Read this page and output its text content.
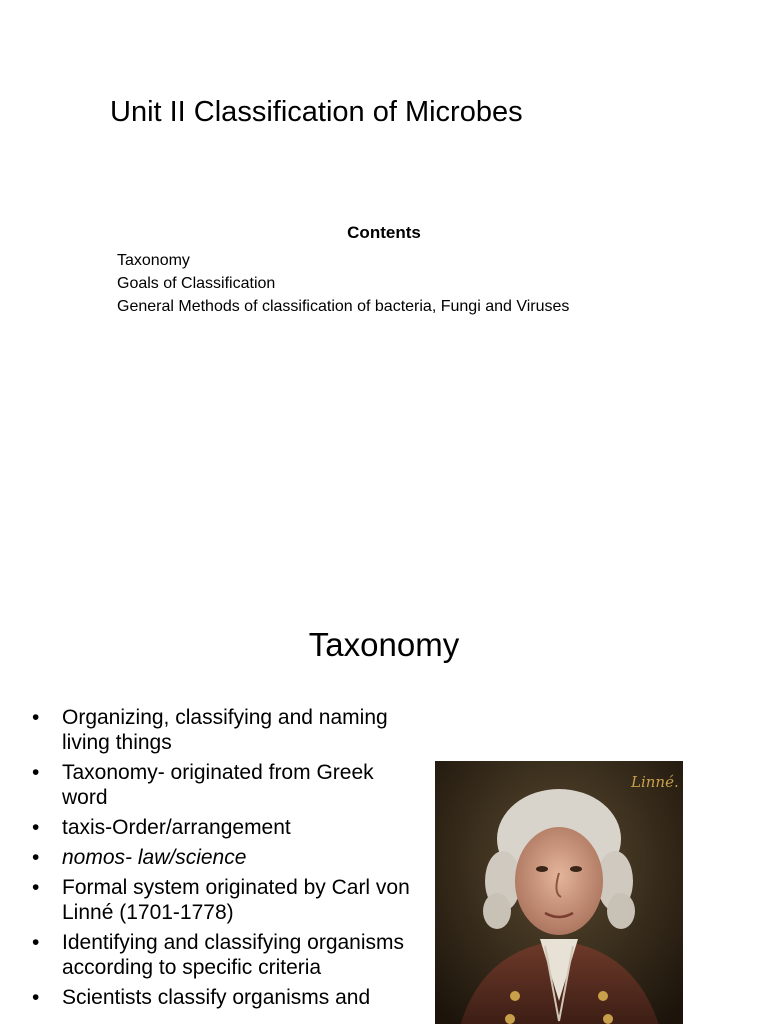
Unit II Classification of Microbes
Contents
Taxonomy
Goals of Classification
General Methods of classification of bacteria, Fungi and Viruses
Taxonomy
• Organizing, classifying and naming living things
• Taxonomy- originated from Greek word
• taxis-Order/arrangement
• nomos- law/science
• Formal system originated by Carl von Linné (1701-1778)
• Identifying and classifying organisms according to specific criteria
• Scientists classify organisms and
Linné.
